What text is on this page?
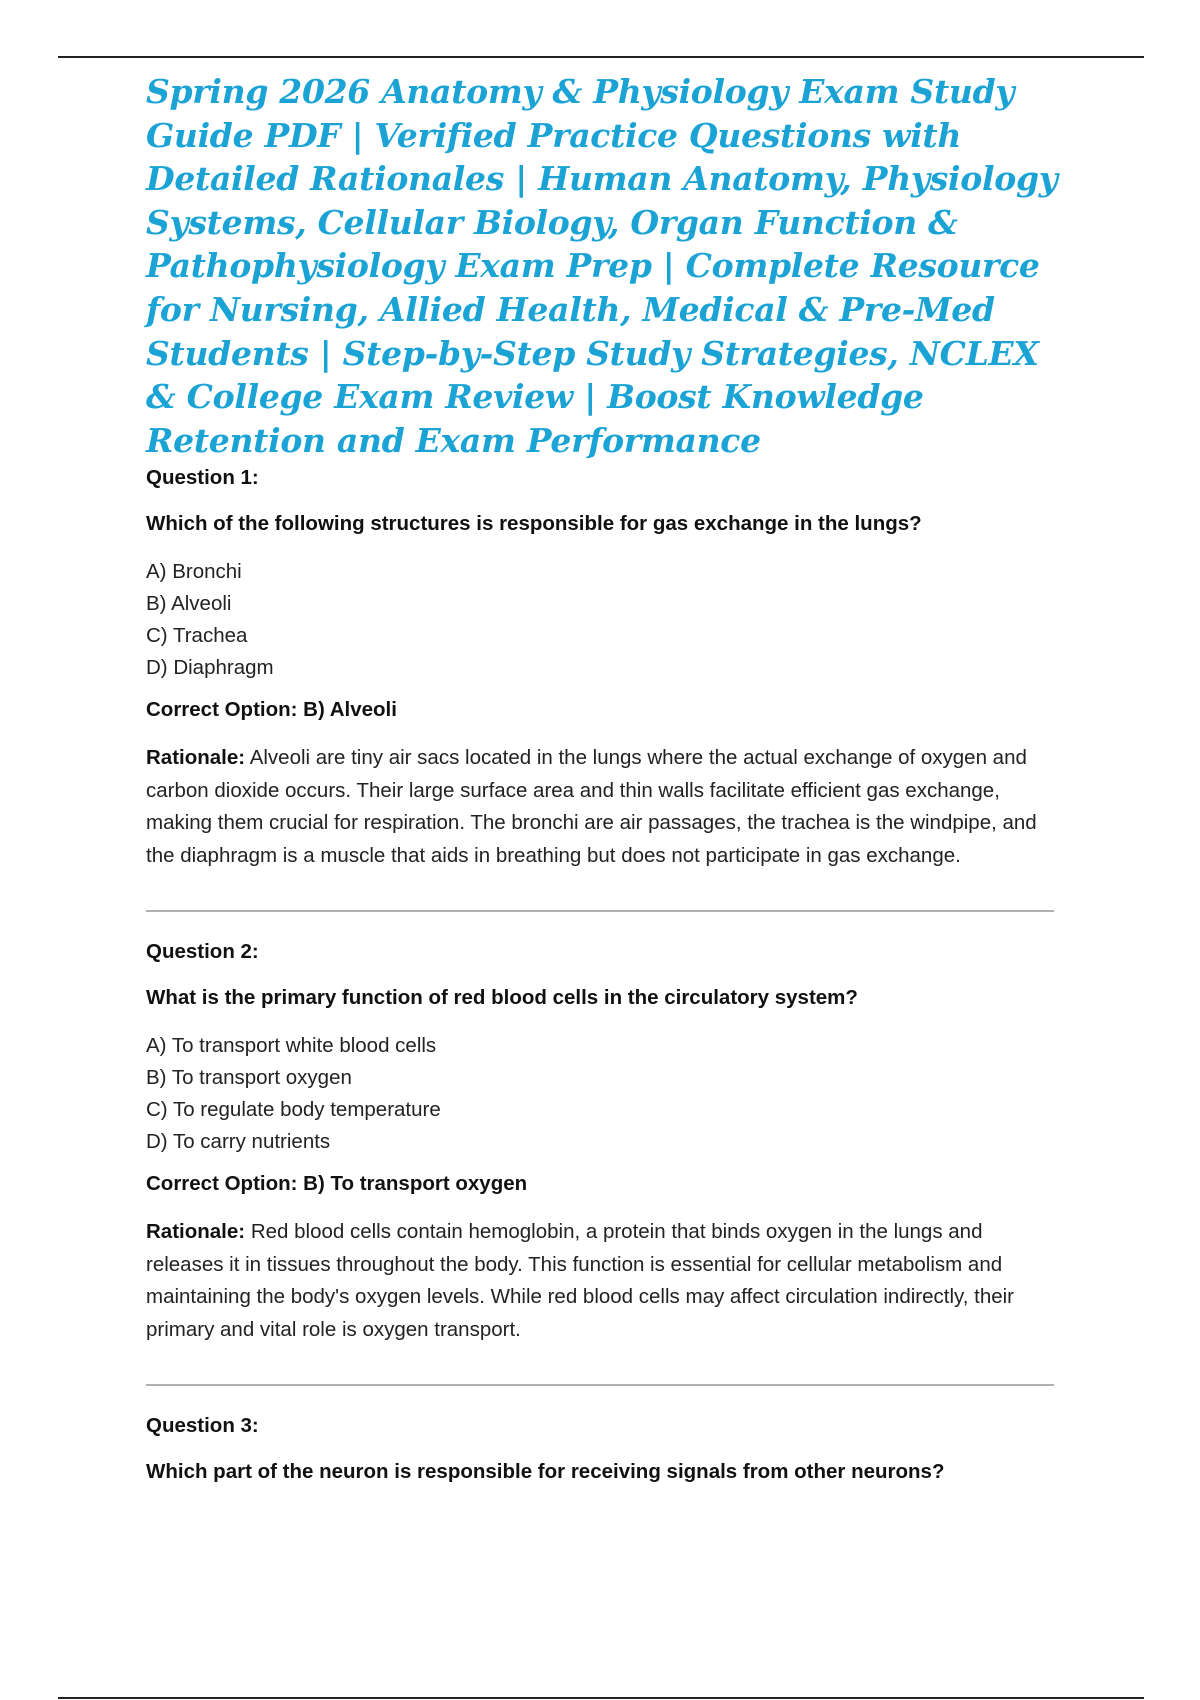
Spring 2026 Anatomy & Physiology Exam Study Guide PDF | Verified Practice Questions with Detailed Rationales | Human Anatomy, Physiology Systems, Cellular Biology, Organ Function & Pathophysiology Exam Prep | Complete Resource for Nursing, Allied Health, Medical & Pre-Med Students | Step-by-Step Study Strategies, NCLEX & College Exam Review | Boost Knowledge Retention and Exam Performance

Question 1:

Which of the following structures is responsible for gas exchange in the lungs?

A) Bronchi
B) Alveoli
C) Trachea
D) Diaphragm

Correct Option: B) Alveoli

Rationale: Alveoli are tiny air sacs located in the lungs where the actual exchange of oxygen and carbon dioxide occurs. Their large surface area and thin walls facilitate efficient gas exchange, making them crucial for respiration. The bronchi are air passages, the trachea is the windpipe, and the diaphragm is a muscle that aids in breathing but does not participate in gas exchange.

Question 2:

What is the primary function of red blood cells in the circulatory system?

A) To transport white blood cells
B) To transport oxygen
C) To regulate body temperature
D) To carry nutrients

Correct Option: B) To transport oxygen

Rationale: Red blood cells contain hemoglobin, a protein that binds oxygen in the lungs and releases it in tissues throughout the body. This function is essential for cellular metabolism and maintaining the body's oxygen levels. While red blood cells may affect circulation indirectly, their primary and vital role is oxygen transport.

Question 3:

Which part of the neuron is responsible for receiving signals from other neurons?
